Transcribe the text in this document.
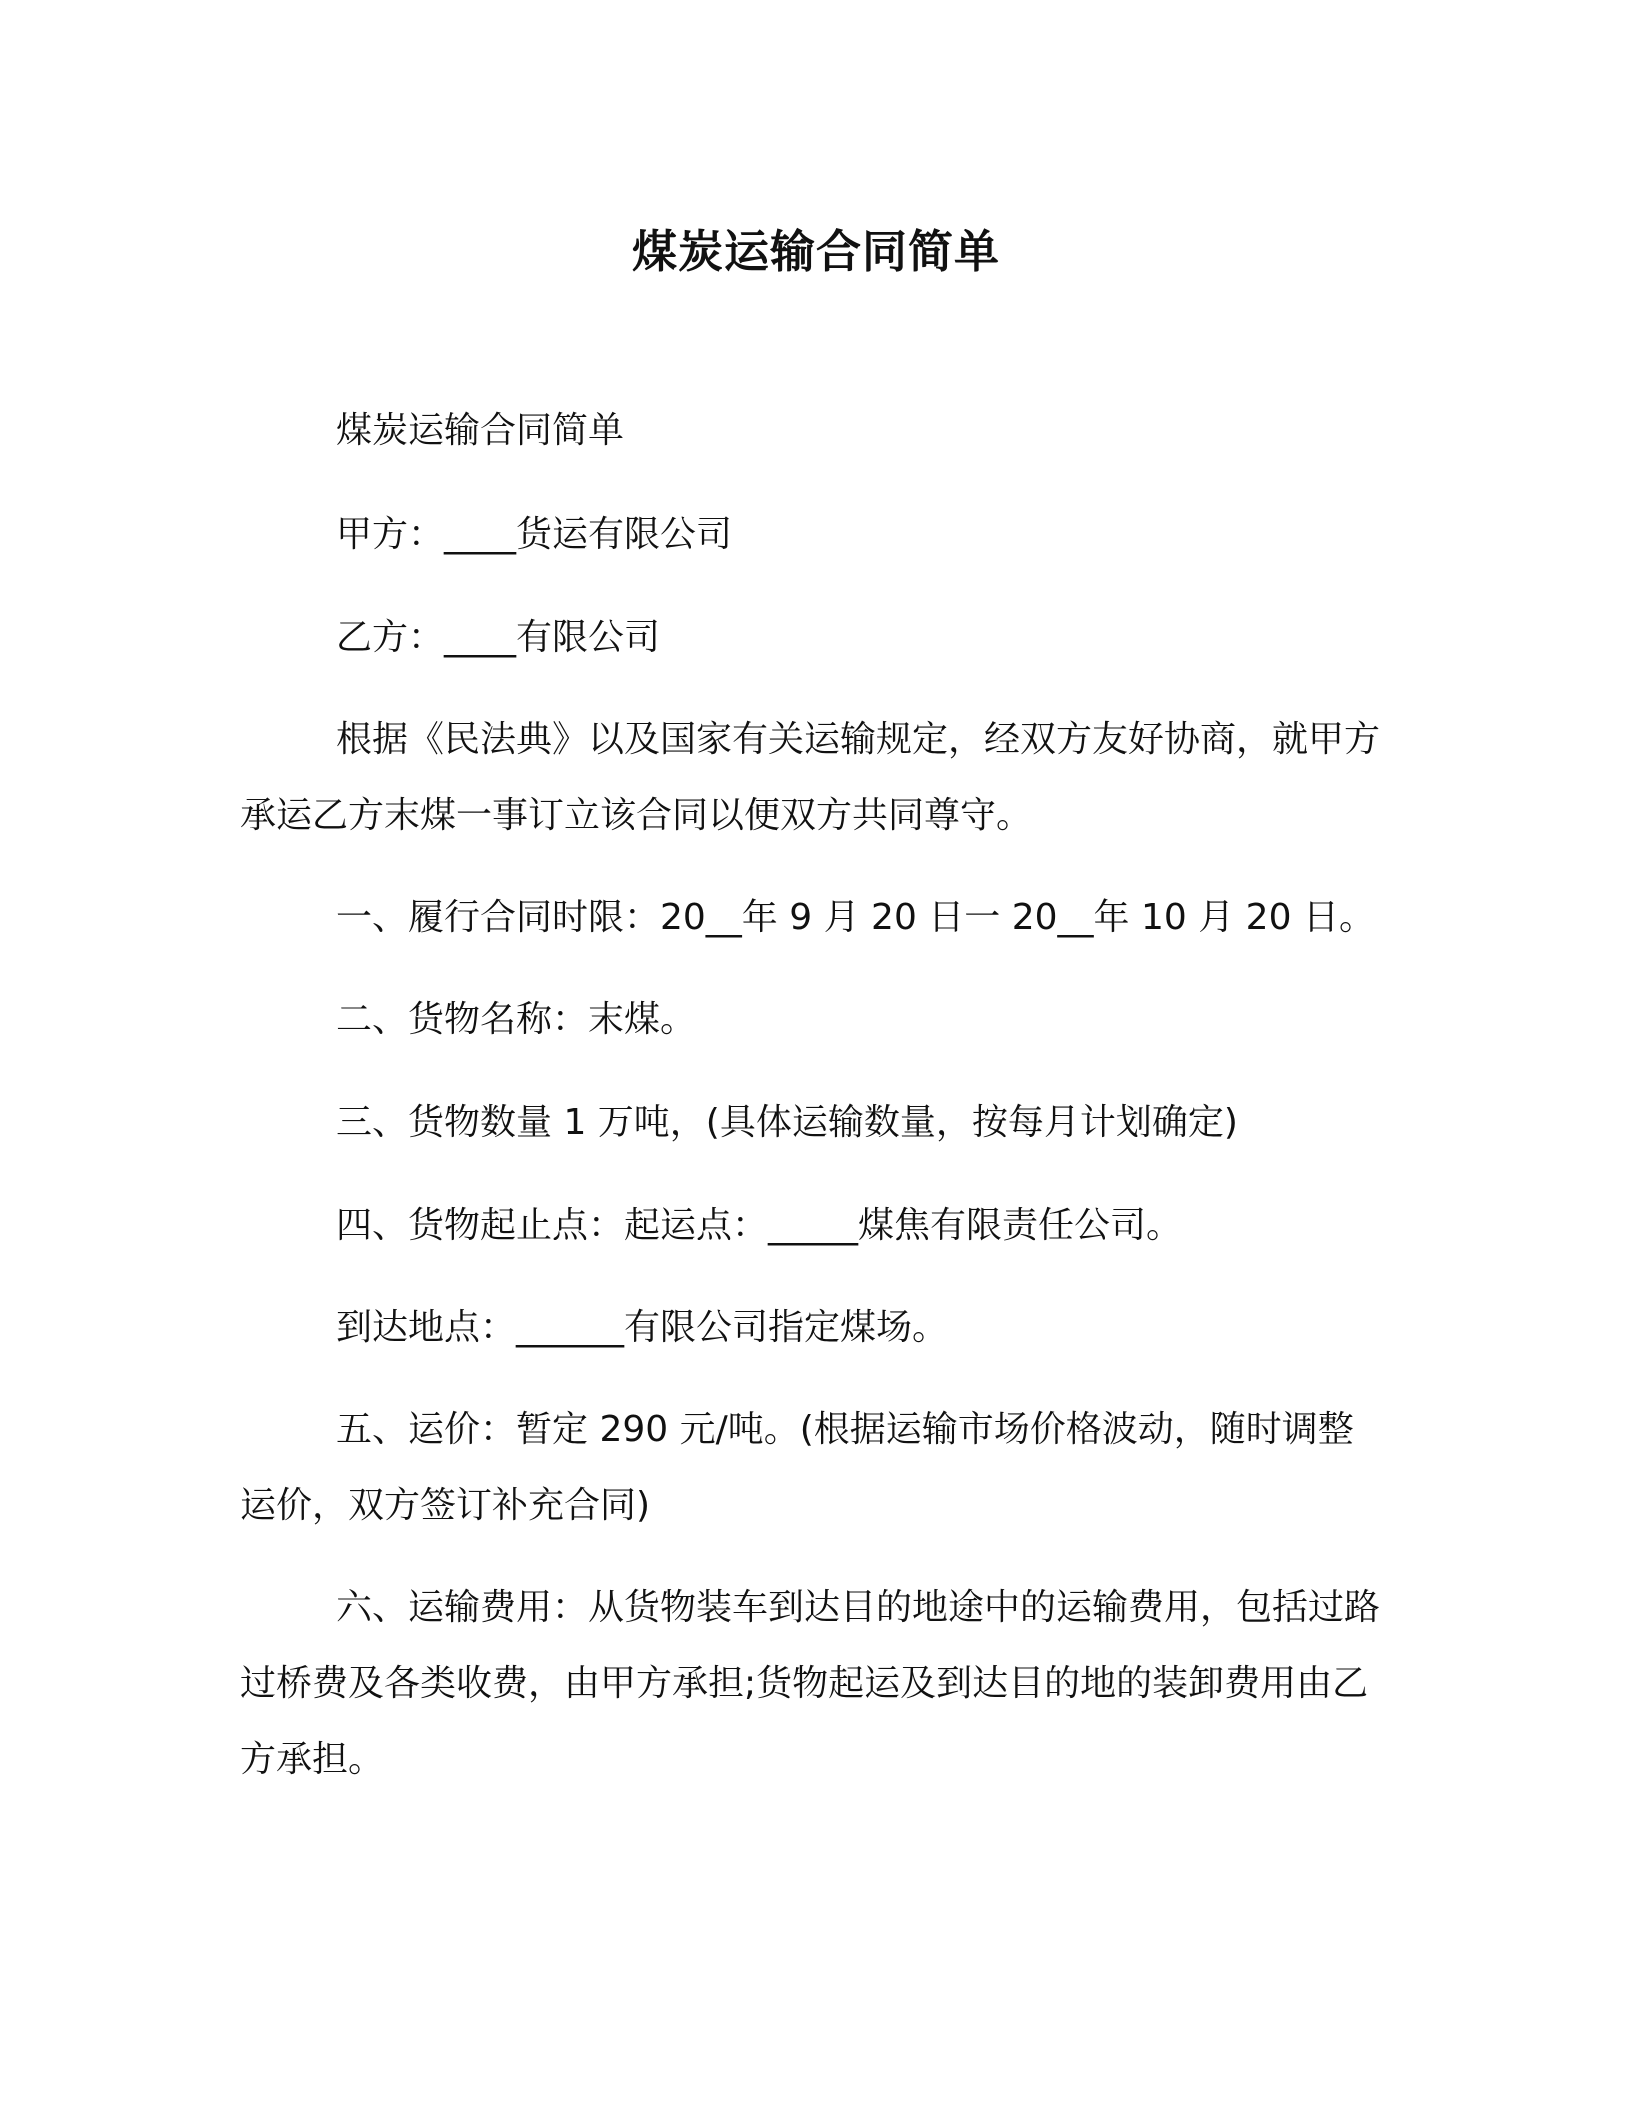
煤炭运输合同简单
煤炭运输合同简单
甲方：____货运有限公司
乙方：____有限公司
根据《民法典》以及国家有关运输规定，经双方友好协商，就甲方承运乙方末煤一事订立该合同以便双方共同尊守。
一、履行合同时限：20__年 9 月 20 日一 20__年 10 月 20 日。
二、货物名称：末煤。
三、货物数量 1 万吨，(具体运输数量，按每月计划确定)
四、货物起止点：起运点：_____煤焦有限责任公司。
到达地点：______有限公司指定煤场。
五、运价：暂定 290 元/吨。(根据运输市场价格波动，随时调整运价，双方签订补充合同)
六、运输费用：从货物装车到达目的地途中的运输费用，包括过路过桥费及各类收费，由甲方承担;货物起运及到达目的地的装卸费用由乙方承担。
